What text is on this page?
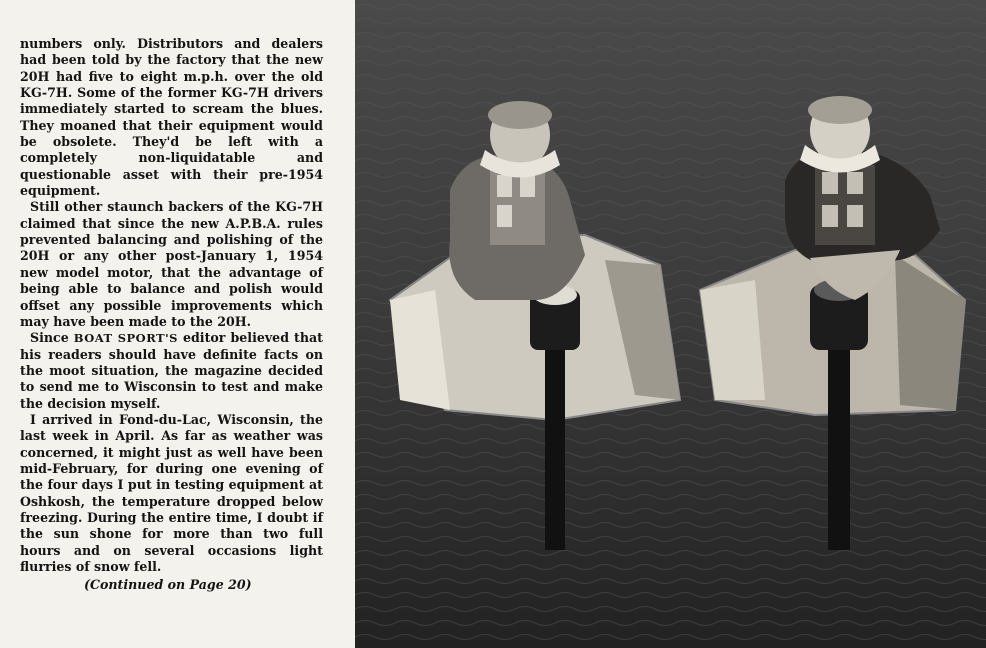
numbers only. Distributors and dealers had been told by the factory that the new 20H had five to eight m.p.h. over the old KG-7H. Some of the former KG-7H drivers immediately started to scream the blues. They moaned that their equipment would be obsolete. They'd be left with a completely non-liquidatable and questionable asset with their pre-1954 equipment.

Still other staunch backers of the KG-7H claimed that since the new A.P.B.A. rules prevented balancing and polishing of the 20H or any other post-January 1, 1954 new model motor, that the advantage of being able to balance and polish would offset any possible improvements which may have been made to the 20H.

Since BOAT SPORT'S editor believed that his readers should have definite facts on the moot situation, the magazine decided to send me to Wisconsin to test and make the decision myself.

I arrived in Fond-du-Lac, Wisconsin, the last week in April. As far as weather was concerned, it might just as well have been mid-February, for during one evening of the four days I put in testing equipment at Oshkosh, the temperature dropped below freezing. During the entire time, I doubt if the sun shone for more than two full hours and on several occasions light flurries of snow fell.

(Continued on Page 20)
